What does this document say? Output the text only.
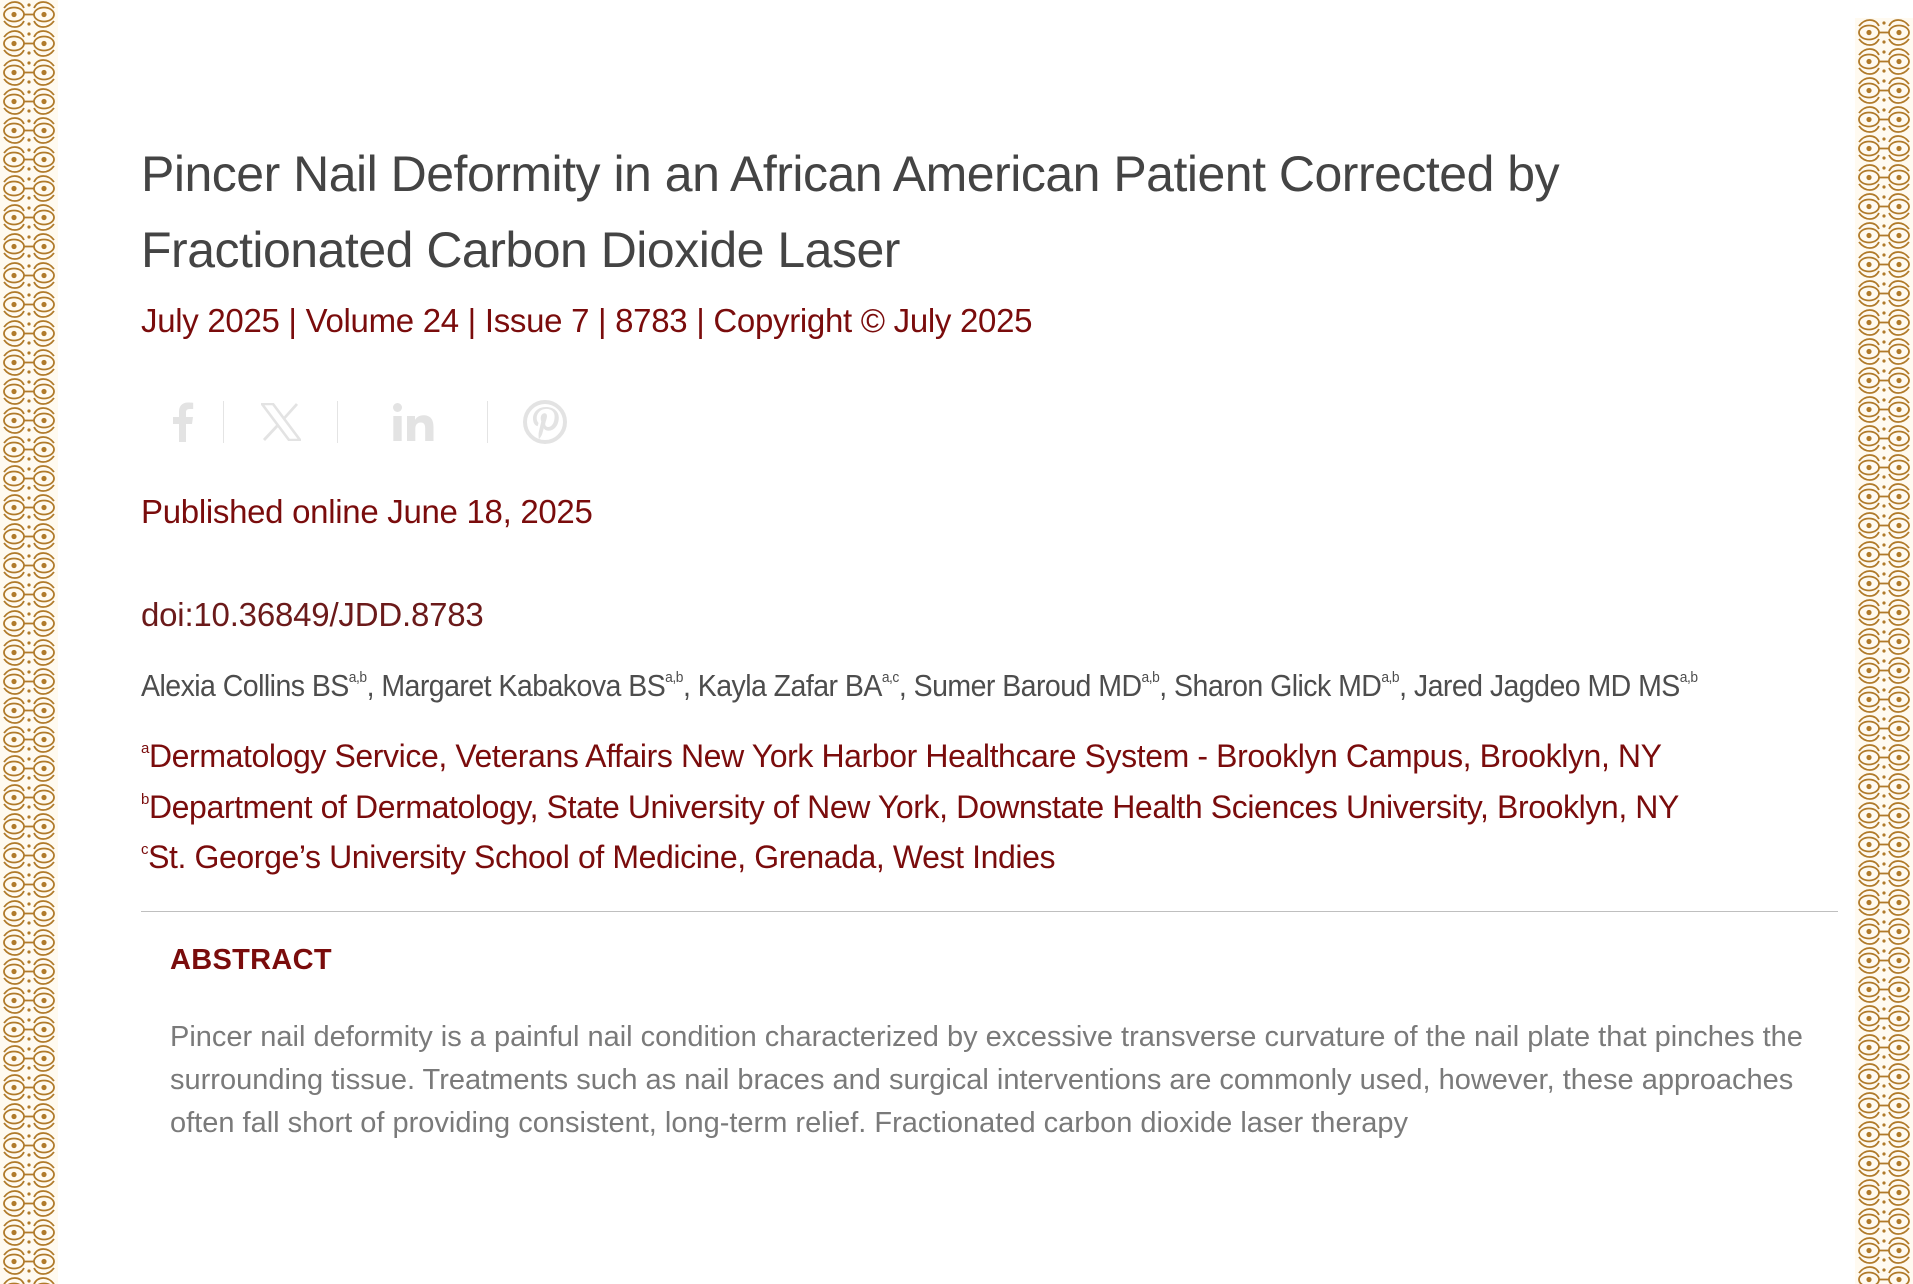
Pincer Nail Deformity in an African American Patient Corrected by Fractionated Carbon Dioxide Laser

July 2025 | Volume 24 | Issue 7 | 8783 | Copyright © July 2025

Published online June 18, 2025

doi:10.36849/JDD.8783

Alexia Collins BS$^{a,b}$, Margaret Kabakova BS$^{a,b}$, Kayla Zafar BA$^{a,c}$, Sumer Baroud MD$^{a,b}$, Sharon Glick MD$^{a,b}$, Jared Jagdeo MD MS$^{a,b}$

$^a$Dermatology Service, Veterans Affairs New York Harbor Healthcare System - Brooklyn Campus, Brooklyn, NY

$^b$Department of Dermatology, State University of New York, Downstate Health Sciences University, Brooklyn, NY

$^c$St. George’s University School of Medicine, Grenada, West Indies

ABSTRACT

Pincer nail deformity is a painful nail condition characterized by excessive transverse curvature of the nail plate that pinches the surrounding tissue. Treatments such as nail braces and surgical interventions are commonly used, however, these approaches often fall short of providing consistent, long-term relief. Fractionated carbon dioxide laser therapy
